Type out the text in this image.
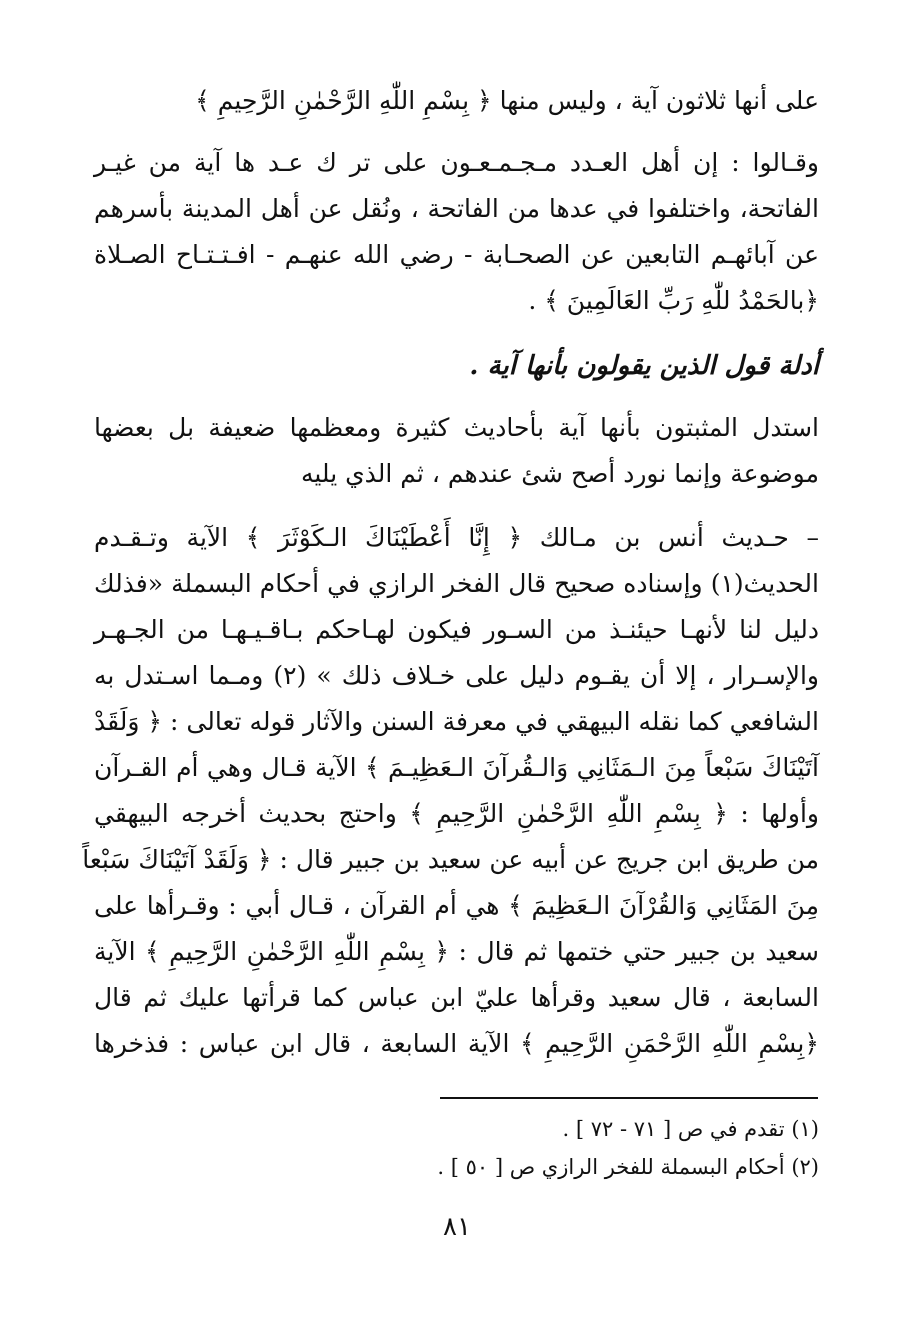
على أنها ثلاثون آية ، وليس منها ﴿ بِسْمِ اللّٰهِ الرَّحْمٰنِ الرَّحِيمِ ﴾
وقـالوا : إن أهل العـدد مـجـمـعـون على تر ك عـد ها آية من غيـر
الفاتحة، واختلفوا في عدها من الفاتحة ، ونُقل عن أهل المدينة بأسرهم
عن آبائهـم التابعين عن الصحـابة - رضي الله عنهـم - افـتـتـاح الصـلاة
﴿بالحَمْدُ للّٰهِ رَبِّ العَالَمِينَ ﴾ .
أدلة قول الذين يقولون بأنها آية .
استدل المثبتون بأنها آية بأحاديث كثيرة ومعظمها ضعيفة بل بعضها
موضوعة وإنما نورد أصح شئ عندهم ، ثم الذي يليه
– حـديث أنس بن مـالك ﴿ إِنَّا أَعْطَيْنَاكَ الـكَوْثَرَ ﴾ الآية وتـقـدم
الحديث(١) وإسناده صحيح قال الفخر الرازي في أحكام البسملة «فذلك
دليل لنا لأنهـا حيئنـذ من السـور فيكون لهـاحكم بـاقـيـهـا من الجـهـر
والإسـرار ، إلا أن يقـوم دليل على خـلاف ذلك » (٢) ومـما اسـتدل به
الشافعي كما نقله البيهقي في معرفة السنن والآثار قوله تعالى : ﴿ وَلَقَدْ
آتَيْنَاكَ سَبْعاً مِنَ الـمَثَانِي وَالـقُرآنَ الـعَظِيـمَ ﴾ الآية قـال وهي أم القـرآن
وأولها : ﴿ بِسْمِ اللّٰهِ الرَّحْمٰنِ الرَّحِيمِ ﴾ واحتج بحديث أخرجه البيهقي
من طريق ابن جريج عن أبيه عن سعيد بن جبير قال : ﴿ وَلَقَدْ آتَيْنَاكَ سَبْعاً
مِنَ المَثَانِي وَالقُرْآنَ الـعَظِيمَ ﴾ هي أم القرآن ، قـال أبي : وقـرأها على
سعيد بن جبير حتي ختمها ثم قال : ﴿ بِسْمِ اللّٰهِ الرَّحْمٰنِ الرَّحِيمِ ﴾ الآية
السابعة ، قال سعيد وقرأها عليّ ابن عباس كما قرأتها عليك ثم قال
﴿بِسْمِ اللّٰهِ الرَّحْمَنِ الرَّحِيمِ ﴾ الآية السابعة ، قال ابن عباس : فذخرها
(١) تقدم في ص [ ٧١ - ٧٢ ] .
(٢) أحكام البسملة للفخر الرازي ص [ ٥٠ ] .
٨١
